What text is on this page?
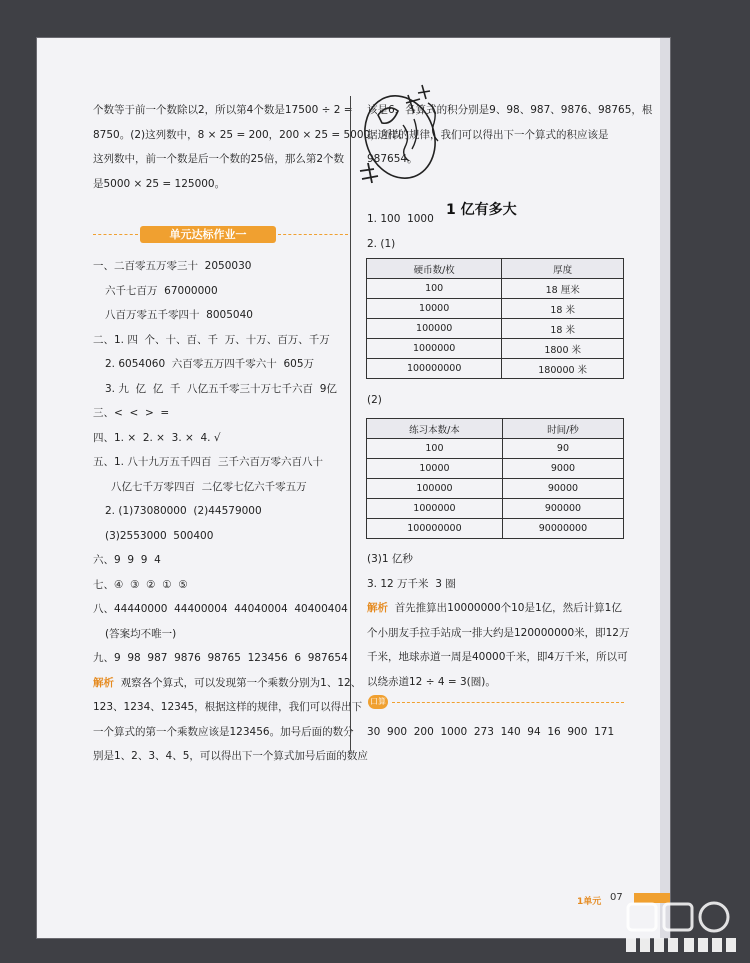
个数等于前一个数除以2，所以第4个数是17500 ÷ 2 =
8750。(2)这列数中，8 × 25 = 200，200 × 25 = 5000，所以
这列数中，前一个数是后一个数的25倍，那么第2个数
是5000 × 25 = 125000。
单元达标作业一
一、二百零五万零三十  2050030
六千七百万  67000000
八百万零五千零四十  8005040
二、1. 四  个、十、百、千  万、十万、百万、千万
2. 6054060  六百零五万四千零六十  605万
3. 九  亿  亿  千  八亿五千零三十万七千六百  9亿
三、<  <  >  =
四、1. ×  2. ×  3. ×  4. √
五、1. 八十九万五千四百  三千六百万零六百八十
八亿七千万零四百  二亿零七亿六千零五万
2. (1)73080000  (2)44579000
(3)2553000  500400
六、9  9  9  4
七、④  ③  ②  ①  ⑤
八、44440000  44400004  44040004  40400404
(答案均不唯一)
九、9  98  987  9876  98765  123456  6  987654
解析 观察各个算式，可以发现第一个乘数分别为1、12、
123、1234、12345，根据这样的规律，我们可以得出下
一个算式的第一个乘数应该是123456。加号后面的数分
别是1、2、3、4、5，可以得出下一个算式加号后面的数应
该是6，各算式的积分别是9、98、987、9876、98765，根
据这样的规律，我们可以得出下一个算式的积应该是
987654。
1 亿有多大
1. 100  1000
2. (1)
硬币数/枚	厚度
100	18 厘米
10000	18 米
100000	18 米
1000000	1800 米
100000000	180000 米
(2)
练习本数/本	时间/秒
100	90
10000	9000
100000	90000
1000000	900000
100000000	90000000
(3)1 亿秒
3. 12 万千米  3 圈
解析 首先推算出10000000个10是1亿，然后计算1亿
个小朋友手拉手站成一排大约是120000000米，即12万
千米，地球赤道一周是40000千米，即4万千米，所以可
以绕赤道12 ÷ 4 = 3(圈)。
口算
30  900  200  1000  273  140  94  16  900  171
1单元 07
